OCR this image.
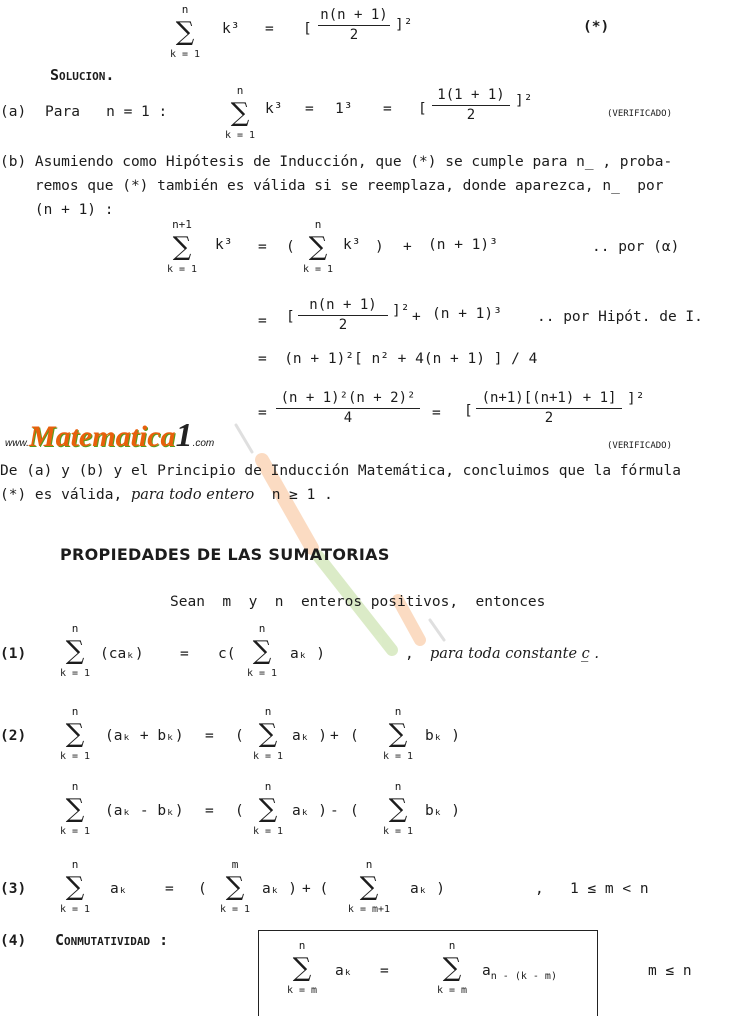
n
∑
k = 1
k³ = [ $\frac{n(n + 1)}{2} ]^2$	(*)
Solucion.
(a) Para   n = 1 :
n
∑
k = 1
k³ = 1³ = [ $\frac{1(1 + 1)}{2} ]^2$
(VERIFICADO)
(b) Asumiendo como Hipótesis de Inducción, que (*) se cumple para n̲ , proba-
remos que (*) también es válida si se reemplaza, donde aparezca, n̲  por
(n + 1) :
n+1
∑
k = 1
k³ = (
n
∑
k = 1
k³ ) + (n + 1)³	.. por (α)
= [ $\frac{n(n + 1)}{2} ]^2 + (n + 1)^3$ .. por Hipót. de I.
=  (n + 1)²[ n² + 4(n + 1) ] / 4
= $\frac{\text{(n + 1)²(n + 2)²}}{4}$ = [ $\frac{(n+1)[(n+1) + 1]}{2} ]^2$
www.Matematica1.com	(VERIFICADO)
De (a) y (b) y el Principio de Inducción Matemática, concluimos que la fórmula
(*) es válida, para todo entero  n ≥ 1 .
PROPIEDADES DE LAS SUMATORIAS
Sean  m  y  n  enteros positivos,  entonces
(1)
n
∑
k = 1
(caₖ)	= c(
n
∑
k = 1
aₖ )	, para toda constante c̲ .
(2)
n
∑
k = 1
(aₖ + bₖ) = (
n
∑
k = 1
aₖ ) + (
n
∑
k = 1
bₖ )
n
∑
k = 1
(aₖ - bₖ) = (
n
∑
k = 1
aₖ ) - (
n
∑
k = 1
bₖ )
(3)
n
∑
k = 1
aₖ	= (
m
∑
k = 1
aₖ ) + (
n
∑
k = m+1
aₖ )	, 1 ≤ m < n
(4) Conmutatividad :	n
∑
k = m
aₖ =
n
∑
k = m
$a_{n - (k - m)}$	m ≤ n
